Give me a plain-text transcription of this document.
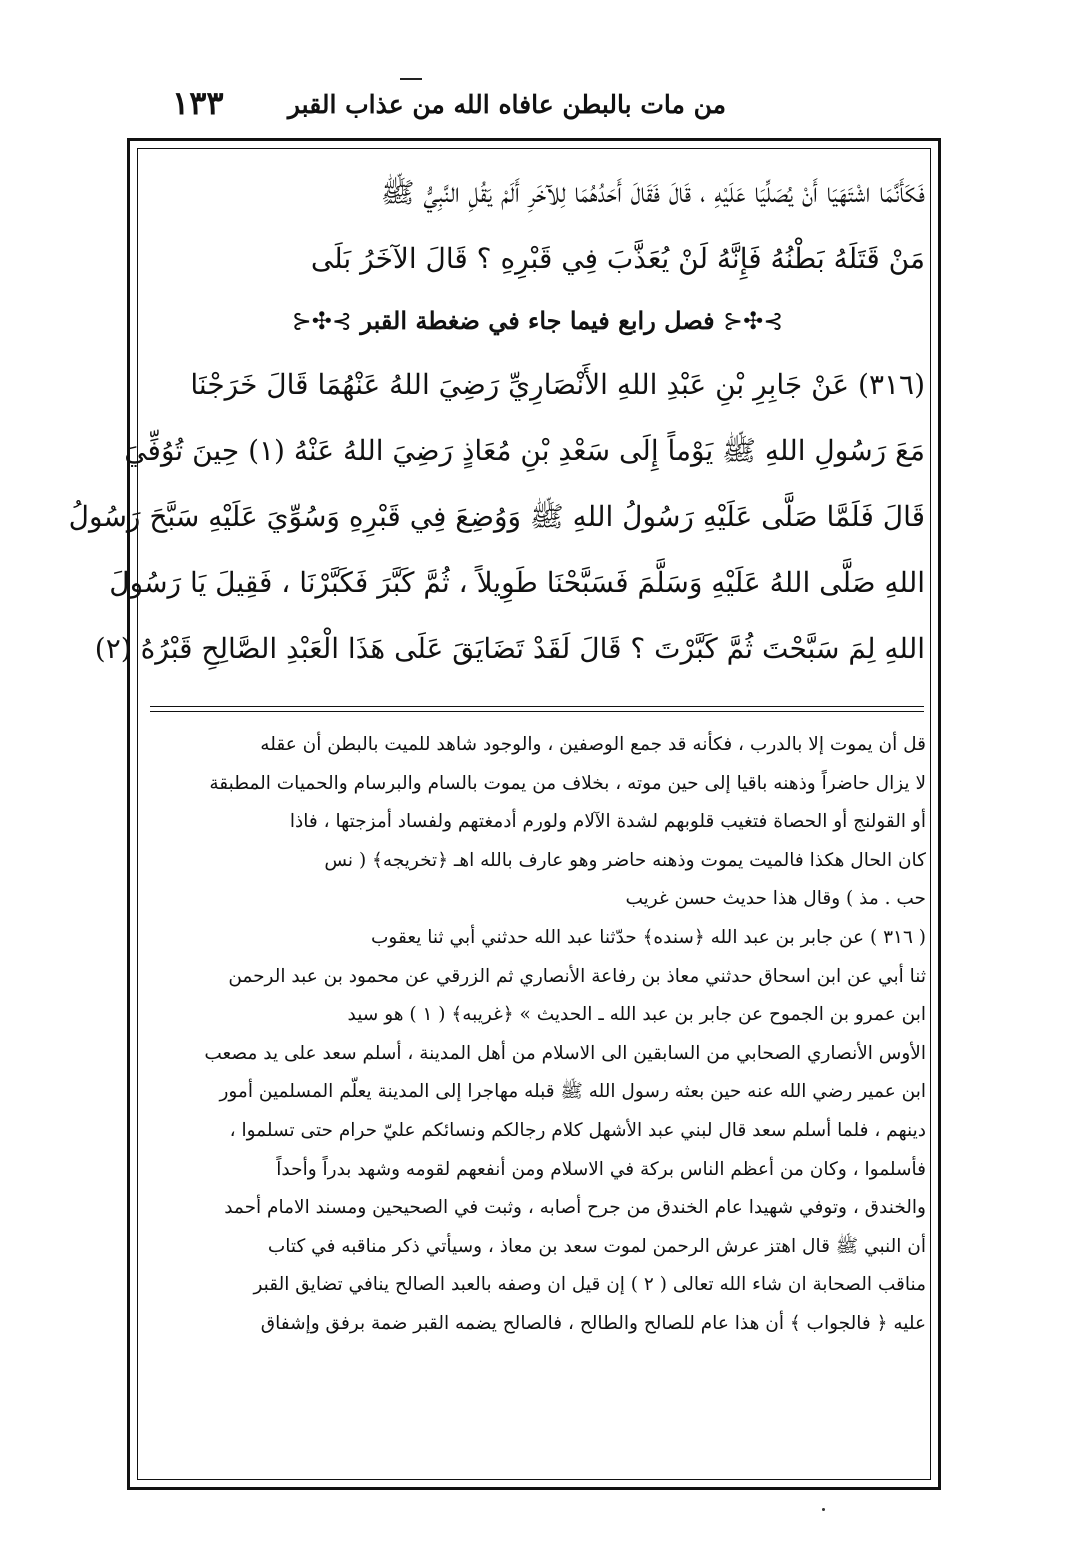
من مات بالبطن عافاه الله من عذاب القبر
١٣٣
فَكَأَنَّمَا اشْتَهَيَا أَنْ يُصَلِّيَا عَلَيْهِ ، قَالَ فَقَالَ أَحَدُهُمَا لِلآخَرِ أَلَمْ يَقُلِ النَّبِيُّ ﷺ
مَنْ قَتَلَهُ بَطْنُهُ فَإِنَّهُ لَنْ يُعَذَّبَ فِي قَبْرِهِ ؟ قَالَ الآخَرُ بَلَى
⊱✣⊰ فصل رابع فيما جاء في ضغطة القبر ⊱✣⊰
(٣١٦) عَنْ جَابِرِ بْنِ عَبْدِ اللهِ الأَنْصَارِيِّ رَضِيَ اللهُ عَنْهُمَا قَالَ خَرَجْنَا
مَعَ رَسُولِ اللهِ ﷺ يَوْماً إِلَى سَعْدِ بْنِ مُعَاذٍ رَضِيَ اللهُ عَنْهُ (١) حِينَ تُوُفِّيَ
قَالَ فَلَمَّا صَلَّى عَلَيْهِ رَسُولُ اللهِ ﷺ وَوُضِعَ فِي قَبْرِهِ وَسُوِّيَ عَلَيْهِ سَبَّحَ رَسُولُ
اللهِ صَلَّى اللهُ عَلَيْهِ وَسَلَّمَ فَسَبَّحْنَا طَوِيلاً ، ثُمَّ كَبَّرَ فَكَبَّرْنَا ، فَقِيلَ يَا رَسُولَ
اللهِ لِمَ سَبَّحْتَ ثُمَّ كَبَّرْتَ ؟ قَالَ لَقَدْ تَضَايَقَ عَلَى هَذَا الْعَبْدِ الصَّالِحِ قَبْرُهُ (٢)
قل أن يموت إلا بالدرب ، فكأنه قد جمع الوصفين ، والوجود شاهد للميت بالبطن أن عقله
لا يزال حاضراً وذهنه باقيا إلى حين موته ، بخلاف من يموت بالسام والبرسام والحميات المطبقة
أو القولنج أو الحصاة فتغيب قلوبهم لشدة الآلام ولورم أدمغتهم ولفساد أمزجتها ، فاذا
كان الحال هكذا فالميت يموت وذهنه حاضر وهو عارف بالله اهـ ﴿تخريجه﴾ ( نس
حب . مذ ) وقال هذا حديث حسن غريب
( ٣١٦ ) عن جابر بن عبد الله ﴿سنده﴾ حدّثنا عبد الله حدثني أبي ثنا يعقوب
ثنا أبي عن ابن اسحاق حدثني معاذ بن رفاعة الأنصاري ثم الزرقي عن محمود بن عبد الرحمن
ابن عمرو بن الجموح عن جابر بن عبد الله ـ الحديث » ﴿غريبه﴾ ( ١ ) هو سيد
الأوس الأنصاري الصحابي من السابقين الى الاسلام من أهل المدينة ، أسلم سعد على يد مصعب
ابن عمير رضي الله عنه حين بعثه رسول الله ﷺ قبله مهاجرا إلى المدينة يعلّم المسلمين أمور
دينهم ، فلما أسلم سعد قال لبني عبد الأشهل كلام رجالكم ونسائكم عليّ حرام حتى تسلموا ،
فأسلموا ، وكان من أعظم الناس بركة في الاسلام ومن أنفعهم لقومه وشهد بدراً وأحداً
والخندق ، وتوفي شهيدا عام الخندق من جرح أصابه ، وثبت في الصحيحين ومسند الامام أحمد
أن النبي ﷺ قال اهتز عرش الرحمن لموت سعد بن معاذ ، وسيأتي ذكر مناقبه في كتاب
مناقب الصحابة ان شاء الله تعالى ( ٢ ) إن قيل ان وصفه بالعبد الصالح ينافي تضايق القبر
عليه ﴿ فالجواب ﴾ أن هذا عام للصالح والطالح ، فالصالح يضمه القبر ضمة برفق وإشفاق
